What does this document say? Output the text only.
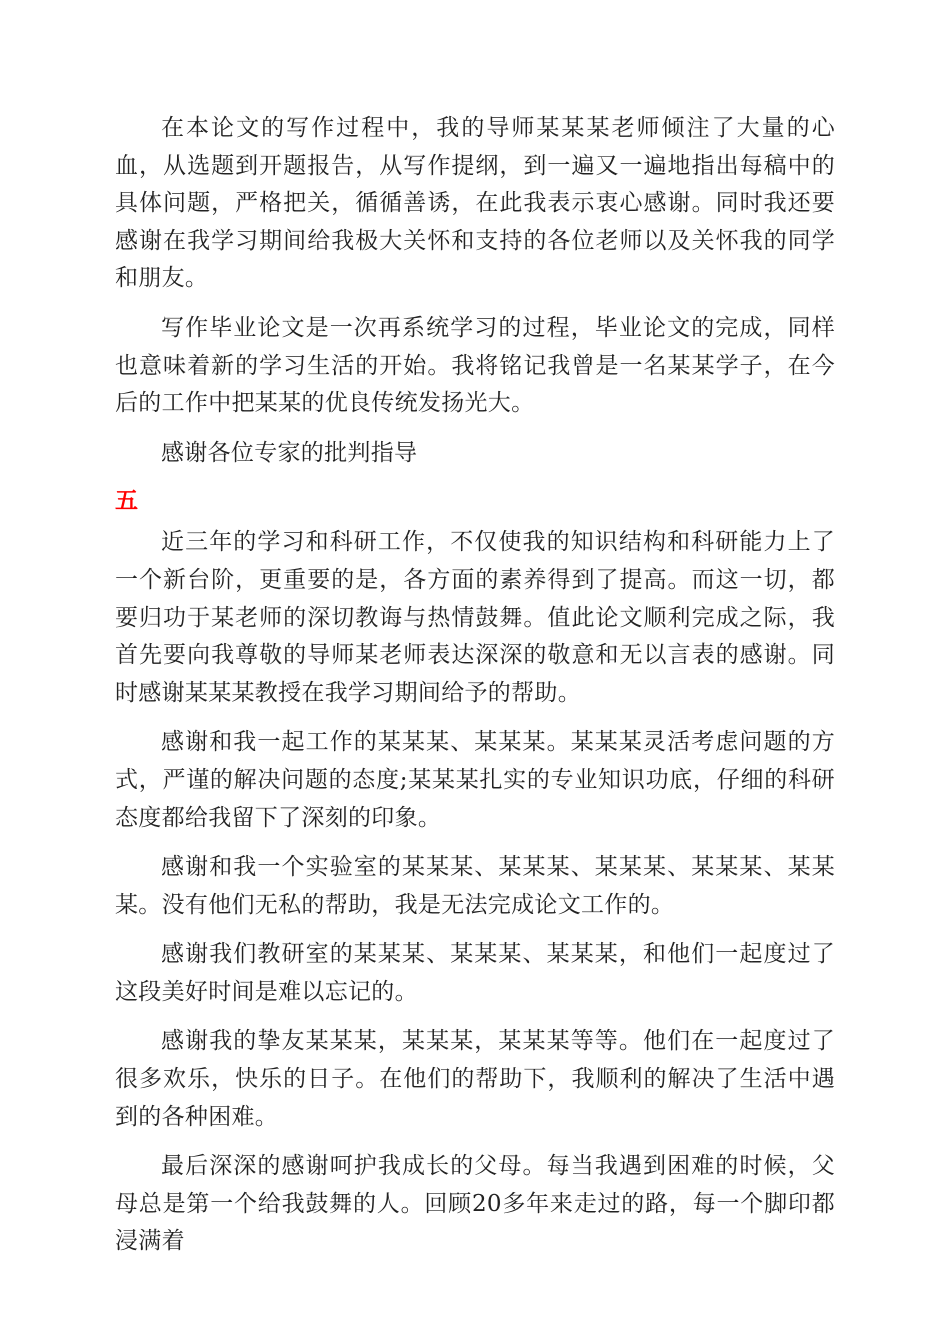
在本论文的写作过程中，我的导师某某某老师倾注了大量的心血，从选题到开题报告，从写作提纲，到一遍又一遍地指出每稿中的具体问题，严格把关，循循善诱，在此我表示衷心感谢。同时我还要感谢在我学习期间给我极大关怀和支持的各位老师以及关怀我的同学和朋友。

写作毕业论文是一次再系统学习的过程，毕业论文的完成，同样也意味着新的学习生活的开始。我将铭记我曾是一名某某学子，在今后的工作中把某某的优良传统发扬光大。

感谢各位专家的批判指导

五

近三年的学习和科研工作，不仅使我的知识结构和科研能力上了一个新台阶，更重要的是，各方面的素养得到了提高。而这一切，都要归功于某老师的深切教诲与热情鼓舞。值此论文顺利完成之际，我首先要向我尊敬的导师某老师表达深深的敬意和无以言表的感谢。同时感谢某某某教授在我学习期间给予的帮助。

感谢和我一起工作的某某某、某某某。某某某灵活考虑问题的方式，严谨的解决问题的态度;某某某扎实的专业知识功底，仔细的科研态度都给我留下了深刻的印象。

感谢和我一个实验室的某某某、某某某、某某某、某某某、某某某。没有他们无私的帮助，我是无法完成论文工作的。

感谢我们教研室的某某某、某某某、某某某，和他们一起度过了这段美好时间是难以忘记的。

感谢我的挚友某某某，某某某，某某某等等。他们在一起度过了很多欢乐，快乐的日子。在他们的帮助下，我顺利的解决了生活中遇到的各种困难。

最后深深的感谢呵护我成长的父母。每当我遇到困难的时候，父母总是第一个给我鼓舞的人。回顾20多年来走过的路，每一个脚印都浸满着
